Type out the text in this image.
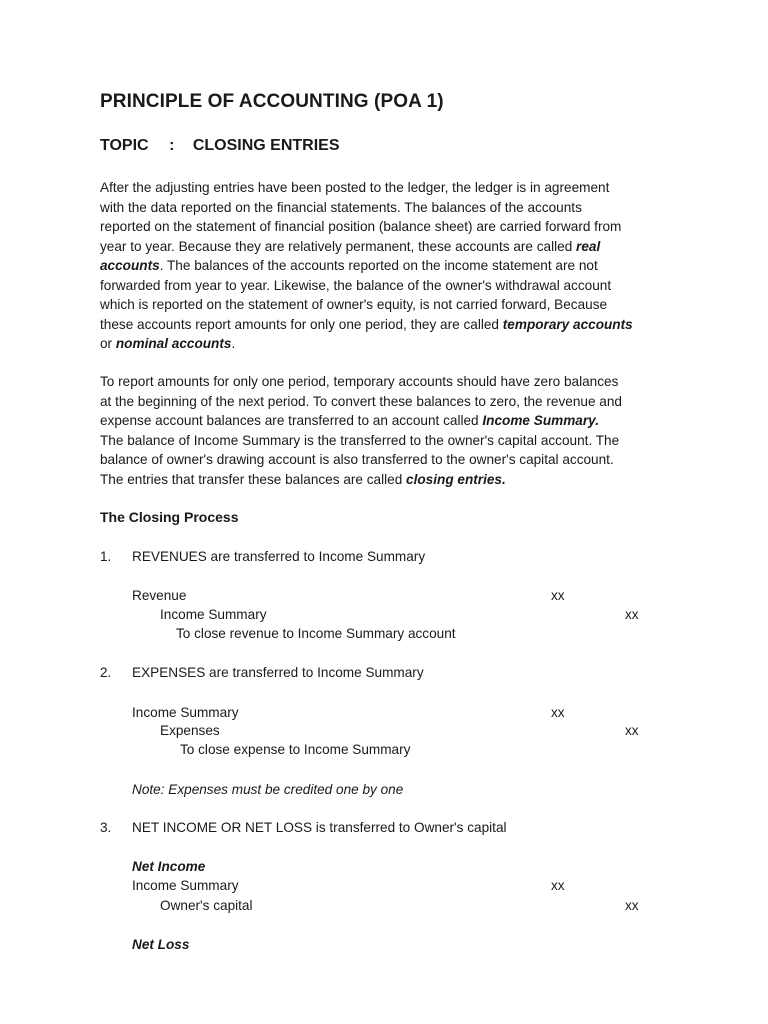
PRINCIPLE OF ACCOUNTING (POA 1)
TOPIC : CLOSING ENTRIES
After the adjusting entries have been posted to the ledger, the ledger is in agreement
with the data reported on the financial statements. The balances of the accounts
reported on the statement of financial position (balance sheet) are carried forward from
year to year. Because they are relatively permanent, these accounts are called real
accounts. The balances of the accounts reported on the income statement are not
forwarded from year to year. Likewise, the balance of the owner's withdrawal account
which is reported on the statement of owner's equity, is not carried forward, Because
these accounts report amounts for only one period, they are called temporary accounts
or nominal accounts.
To report amounts for only one period, temporary accounts should have zero balances
at the beginning of the next period. To convert these balances to zero, the revenue and
expense account balances are transferred to an account called Income Summary.
The balance of Income Summary is the transferred to the owner's capital account. The
balance of owner's drawing account is also transferred to the owner's capital account.
The entries that transfer these balances are called closing entries.
The Closing Process
1. REVENUES are transferred to Income Summary
Revenue	xx
Income Summary	xx
To close revenue to Income Summary account
2. EXPENSES are transferred to Income Summary
Income Summary	xx
Expenses	xx
To close expense to Income Summary
Note: Expenses must be credited one by one
3. NET INCOME OR NET LOSS is transferred to Owner's capital
Net Income
Income Summary	xx
Owner's capital	xx
Net Loss
